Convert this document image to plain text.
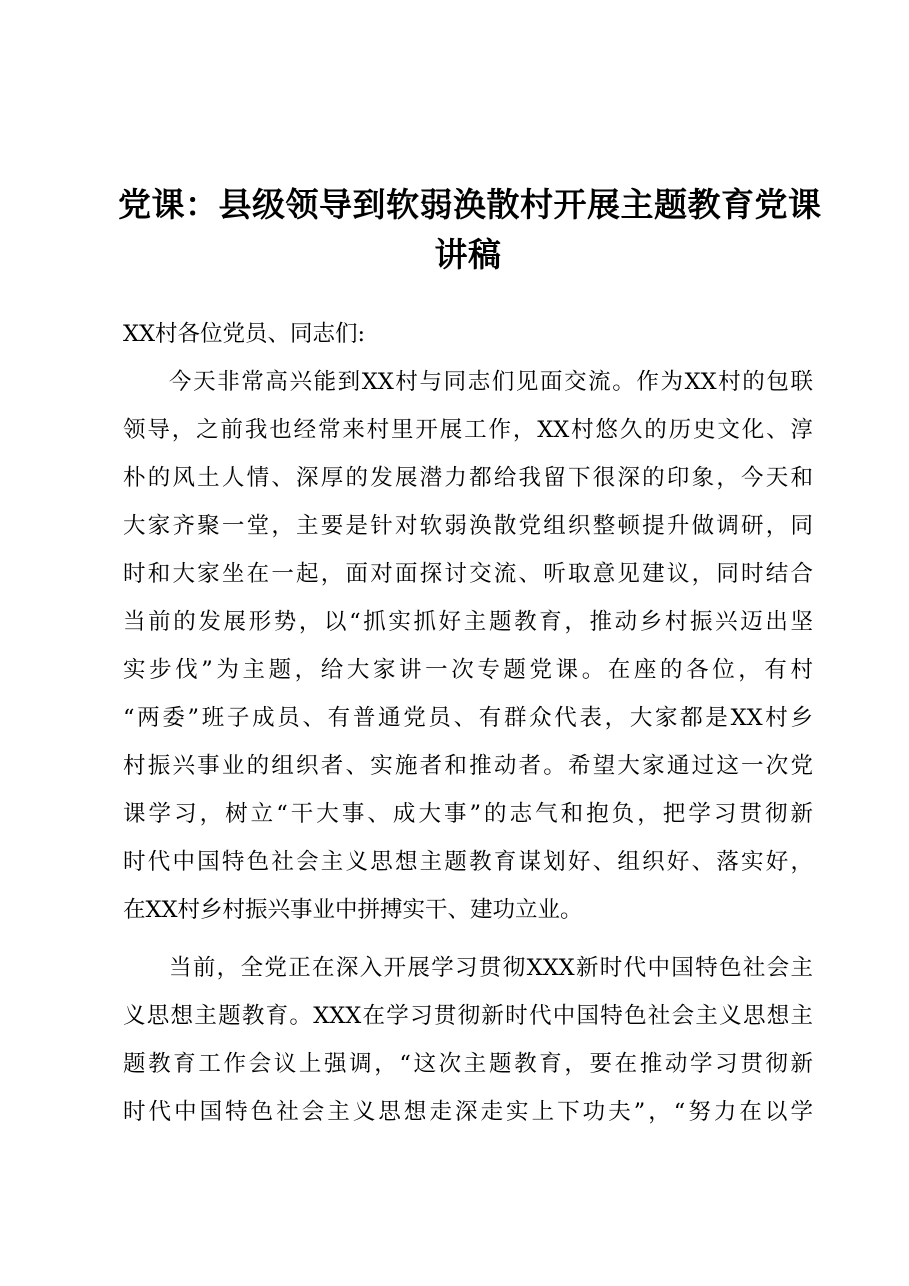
党课：县级领导到软弱涣散村开展主题教育党课
讲稿

XX村各位党员、同志们:

今天非常高兴能到XX村与同志们见面交流。作为XX村的包联
领导，之前我也经常来村里开展工作，XX村悠久的历史文化、淳
朴的风土人情、深厚的发展潜力都给我留下很深的印象，今天和
大家齐聚一堂，主要是针对软弱涣散党组织整顿提升做调研，同
时和大家坐在一起，面对面探讨交流、听取意见建议，同时结合
当前的发展形势，以“抓实抓好主题教育，推动乡村振兴迈出坚
实步伐”为主题，给大家讲一次专题党课。在座的各位，有村
“两委”班子成员、有普通党员、有群众代表，大家都是XX村乡
村振兴事业的组织者、实施者和推动者。希望大家通过这一次党
课学习，树立“干大事、成大事”的志气和抱负，把学习贯彻新
时代中国特色社会主义思想主题教育谋划好、组织好、落实好，
在XX村乡村振兴事业中拼搏实干、建功立业。

当前，全党正在深入开展学习贯彻XXX新时代中国特色社会主
义思想主题教育。XXX在学习贯彻新时代中国特色社会主义思想主
题教育工作会议上强调，“这次主题教育，要在推动学习贯彻新
时代中国特色社会主义思想走深走实上下功夫”，“努力在以学
